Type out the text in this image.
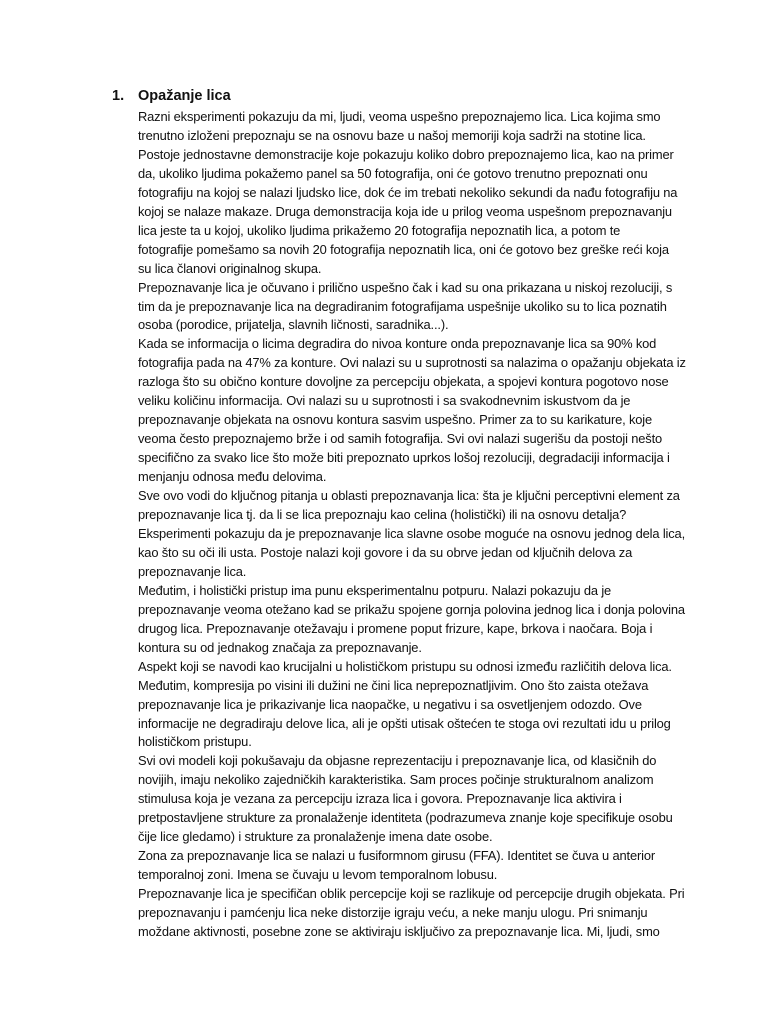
1. Opažanje lica
Razni eksperimenti pokazuju da mi, ljudi, veoma uspešno prepoznajemo lica. Lica kojima smo
trenutno izloženi prepoznaju se na osnovu baze u našoj memoriji koja sadrži na stotine lica.
Postoje jednostavne demonstracije koje pokazuju koliko dobro prepoznajemo lica, kao na primer
da, ukoliko ljudima pokažemo panel sa 50 fotografija, oni će gotovo trenutno prepoznati onu
fotografiju na kojoj se nalazi ljudsko lice, dok će im trebati nekoliko sekundi da nađu fotografiju na
kojoj se nalaze makaze. Druga demonstracija koja ide u prilog veoma uspešnom prepoznavanju
lica jeste ta u kojoj, ukoliko ljudima prikažemo 20 fotografija nepoznatih lica, a potom te
fotografije pomešamo sa novih 20 fotografija nepoznatih lica, oni će gotovo bez greške reći koja
su lica članovi originalnog skupa.
Prepoznavanje lica je očuvano i prilično uspešno čak i kad su ona prikazana u niskoj rezoluciji, s
tim da je prepoznavanje lica na degradiranim fotografijama uspešnije ukoliko su to lica poznatih
osoba (porodice, prijatelja, slavnih ličnosti, saradnika...).
Kada se informacija o licima degradira do nivoa konture onda prepoznavanje lica sa 90% kod
fotografija pada na 47% za konture. Ovi nalazi su u suprotnosti sa nalazima o opažanju objekata iz
razloga što su obično konture dovoljne za percepciju objekata, a spojevi kontura pogotovo nose
veliku količinu informacija. Ovi nalazi su u suprotnosti i sa svakodnevnim iskustvom da je
prepoznavanje objekata na osnovu kontura sasvim uspešno. Primer za to su karikature, koje
veoma često prepoznajemo brže i od samih fotografija. Svi ovi nalazi sugerišu da postoji nešto
specifično za svako lice što može biti prepoznato uprkos lošoj rezoluciji, degradaciji informacija i
menjanju odnosa među delovima.
Sve ovo vodi do ključnog pitanja u oblasti prepoznavanja lica: šta je ključni perceptivni element za
prepoznavanje lica tj. da li se lica prepoznaju kao celina (holistički) ili na osnovu detalja?
Eksperimenti pokazuju da je prepoznavanje lica slavne osobe moguće na osnovu jednog dela lica,
kao što su oči ili usta. Postoje nalazi koji govore i da su obrve jedan od ključnih delova za
prepoznavanje lica.
Međutim, i holistički pristup ima punu eksperimentalnu potpuru. Nalazi pokazuju da je
prepoznavanje veoma otežano kad se prikažu spojene gornja polovina jednog lica i donja polovina
drugog lica. Prepoznavanje otežavaju i promene poput frizure, kape, brkova i naočara. Boja i
kontura su od jednakog značaja za prepoznavanje.
Aspekt koji se navodi kao krucijalni u holističkom pristupu su odnosi između različitih delova lica.
Međutim, kompresija po visini ili dužini ne čini lica neprepoznatljivim. Ono što zaista otežava
prepoznavanje lica je prikazivanje lica naopačke, u negativu i sa osvetljenjem odozdo. Ove
informacije ne degradiraju delove lica, ali je opšti utisak oštećen te stoga ovi rezultati idu u prilog
holističkom pristupu.
Svi ovi modeli koji pokušavaju da objasne reprezentaciju i prepoznavanje lica, od klasičnih do
novijih, imaju nekoliko zajedničkih karakteristika. Sam proces počinje strukturalnom analizom
stimulusa koja je vezana za percepciju izraza lica i govora. Prepoznavanje lica aktivira i
pretpostavljene strukture za pronalaženje identiteta (podrazumeva znanje koje specifikuje osobu
čije lice gledamo) i strukture za pronalaženje imena date osobe.
Zona za prepoznavanje lica se nalazi u fusiformnom girusu (FFA). Identitet se čuva u anterior
temporalnoj zoni. Imena se čuvaju u levom temporalnom lobusu.
Prepoznavanje lica je specifičan oblik percepcije koji se razlikuje od percepcije drugih objekata. Pri
prepoznavanju i pamćenju lica neke distorzije igraju veću, a neke manju ulogu. Pri snimanju
moždane aktivnosti, posebne zone se aktiviraju isključivo za prepoznavanje lica. Mi, ljudi, smo
